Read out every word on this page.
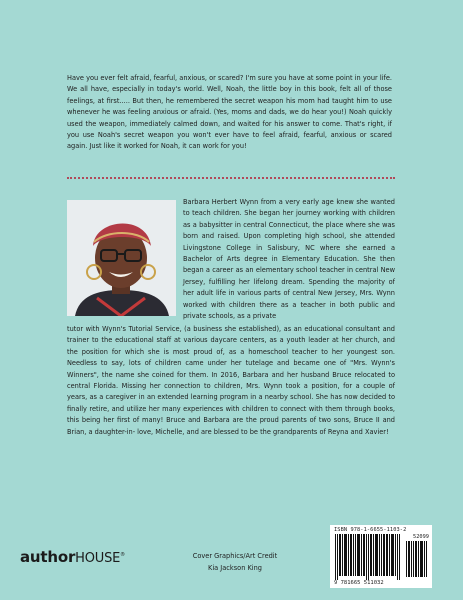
Have you ever felt afraid, fearful, anxious, or scared? I'm sure you have at some point in your life. We all have, especially in today's world. Well, Noah, the little boy in this book, felt all of those feelings, at first..... But then, he remembered the secret weapon his mom had taught him to use whenever he was feeling anxious or afraid. (Yes, moms and dads, we do hear you!) Noah quickly used the weapon, immediately calmed down, and waited for his answer to come. That's right, if you use Noah's secret weapon you won't ever have to feel afraid, fearful, anxious or scared again. Just like it worked for Noah, it can work for you!
Barbara Herbert Wynn from a very early age knew she wanted to teach children. She began her journey working with children as a babysitter in central Connecticut, the place where she was born and raised. Upon completing high school, she attended Livingstone College in Salisbury, NC where she earned a Bachelor of Arts degree in Elementary Education. She then began a career as an elementary school teacher in central New Jersey, fulfilling her lifelong dream. Spending the majority of her adult life in various parts of central New Jersey, Mrs. Wynn worked with children there as a teacher in both public and private schools, as a private
tutor with Wynn's Tutorial Service, (a business she established), as an educational consultant and trainer to the educational staff at various daycare centers, as a youth leader at her church, and the position for which she is most proud of, as a homeschool teacher to her youngest son. Needless to say, lots of children came under her tutelage and became one of "Mrs. Wynn's Winners", the name she coined for them. In 2016, Barbara and her husband Bruce relocated to central Florida. Missing her connection to children, Mrs. Wynn took a position, for a couple of years, as a caregiver in an extended learning program in a nearby school. She has now decided to finally retire, and utilize her many experiences with children to connect with them through books, this being her first of many! Bruce and Barbara are the proud parents of two sons, Bruce II and Brian, a daughter-in- love, Michelle, and are blessed to be the grandparents of Reyna and Xavier!
authorHOUSE®	Cover Graphics/Art Credit
Kia Jackson King
ISBN 978-1-6655-1103-2
52099
9 781665 511032
